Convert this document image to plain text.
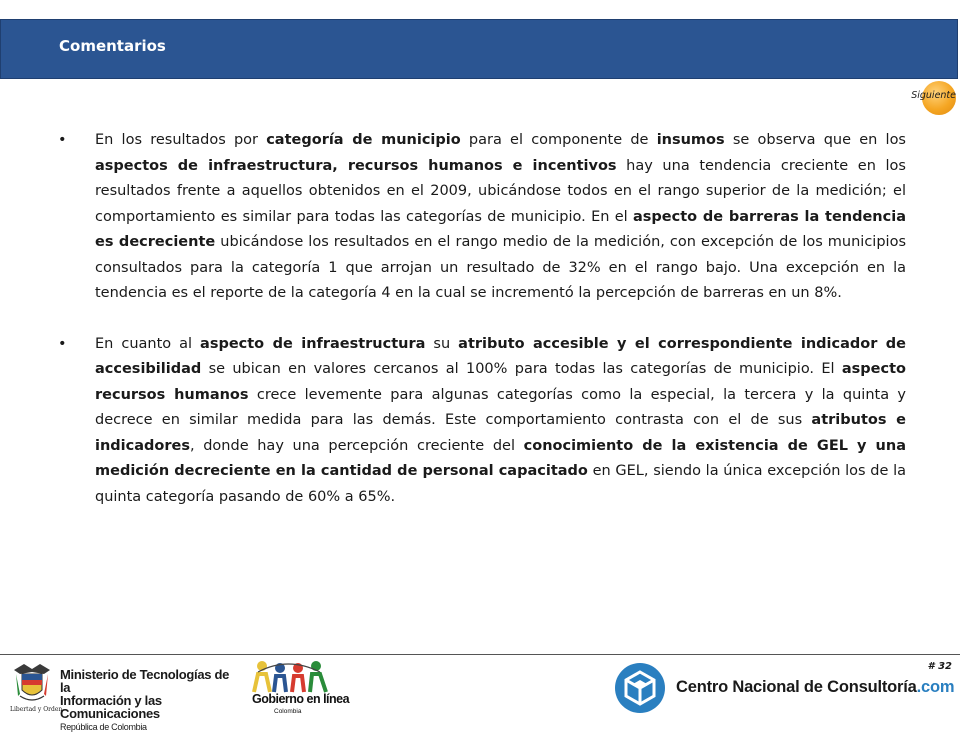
Comentarios
Siguiente
• En los resultados por categoría de municipio para el componente de insumos se observa que en los aspectos de infraestructura, recursos humanos e incentivos hay una tendencia creciente en los resultados frente a aquellos obtenidos en el 2009, ubicándose todos en el rango superior de la medición; el comportamiento es similar para todas las categorías de municipio. En el aspecto de barreras la tendencia es decreciente ubicándose los resultados en el rango medio de la medición, con excepción de los municipios consultados para la categoría 1 que arrojan un resultado de 32% en el rango bajo. Una excepción en la tendencia es el reporte de la categoría 4 en la cual se incrementó la percepción de barreras en un 8%.
• En cuanto al aspecto de infraestructura su atributo accesible y el correspondiente indicador de accesibilidad se ubican en valores cercanos al 100% para todas las categorías de municipio. El aspecto recursos humanos crece levemente para algunas categorías como la especial, la tercera y la quinta y decrece en similar medida para las demás. Este comportamiento contrasta con el de sus atributos e indicadores, donde hay una percepción creciente del conocimiento de la existencia de GEL y una medición decreciente en la cantidad de personal capacitado en GEL, siendo la única excepción los de la quinta categoría pasando de 60% a 65%.
# 32
Ministerio de Tecnologías de la
Información y las Comunicaciones
República de Colombia
Libertad y Orden
Gobierno en línea
Colombia
Centro Nacional de Consultoría.com
